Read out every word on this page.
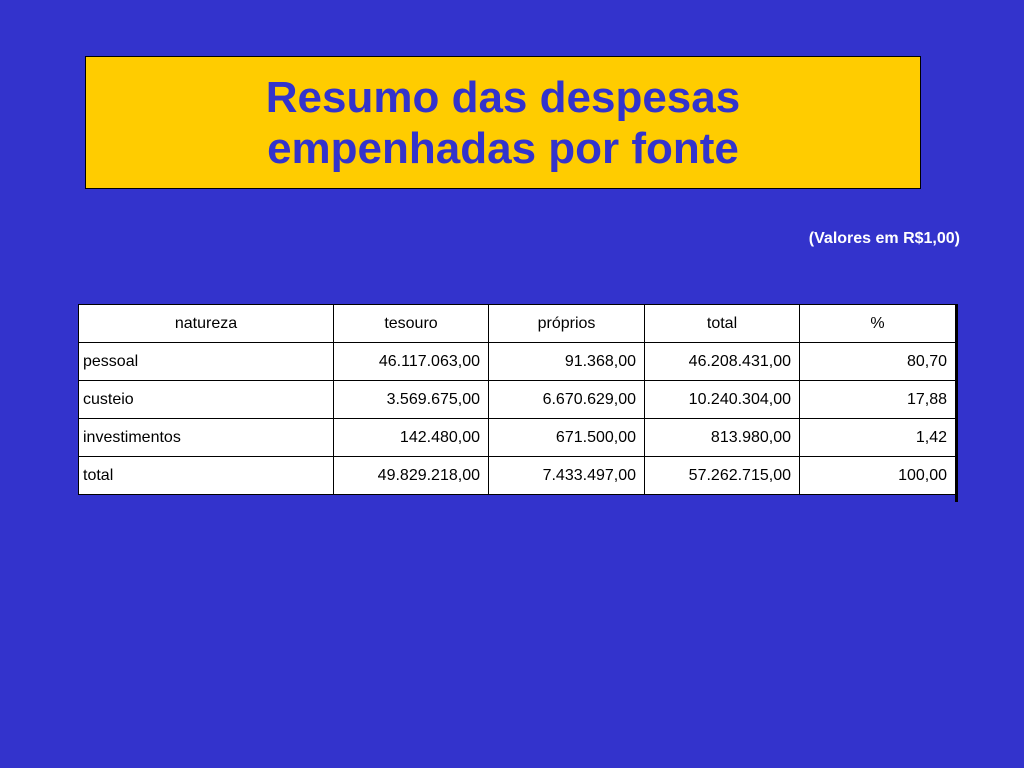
Resumo das despesas
empenhadas por fonte
(Valores em R$1,00)
natureza	tesouro	próprios	total	%
pessoal	46.117.063,00	91.368,00	46.208.431,00	80,70
custeio	3.569.675,00	6.670.629,00	10.240.304,00	17,88
investimentos	142.480,00	671.500,00	813.980,00	1,42
total	49.829.218,00	7.433.497,00	57.262.715,00	100,00
